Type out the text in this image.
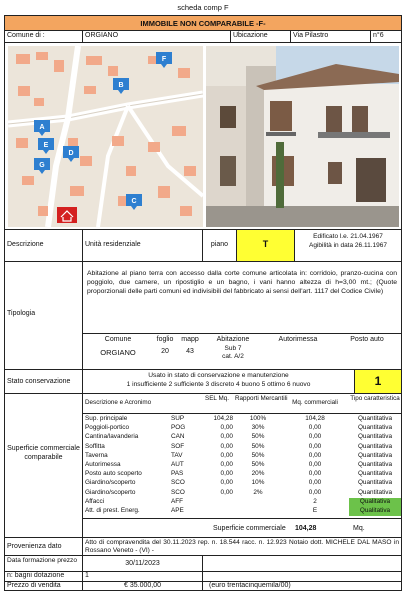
scheda comp F
IMMOBILE NON COMPARABILE -F-
Comune di :	ORGIANO	Ubicazione	Via Pilastro	n°6
F
B
A
D
E
G
C
Descrizione	Unità residenziale	piano	T
Edificato l.e. 21.04.1967
Agibilità in data 26.11.1967
Tipologia
Abitazione al piano terra con accesso dalla corte comune articolata in: corridoio, pranzo-cucina con poggiolo, due camere, un ripostiglio e un bagno, i vani hanno altezza di h=3,00 mt.; (Quote proporzionali delle parti comuni ed indivisibili del fabbricato ai sensi dell'art. 1117 del Codice Civile)
Comune	foglio	mapp	Abitazione	Autorimessa	Posto auto
ORGIANO	20	43	Sub 7
cat. A/2
Stato conservazione
Usato in stato di conservazione e manutenzione
1 insufficiente 2 sufficiente 3 discreto 4 buono 5 ottimo 6 nuovo	1
Superficie commerciale comparabile
Descrizione e Acronimo
SEL Mq. Rapporti Mercantili
Mq. commerciali
Tipo caratteristica
Sup. principale	SUP	104,28	100%	104,28	Quantitativa
Poggioli-portico	POG	0,00	30%	0,00	Quantitativa
Cantina/lavanderia	CAN	0,00	50%	0,00	Quantitativa
Soffitta	SOF	0,00	50%	0,00	Quantitativa
Taverna	TAV	0,00	50%	0,00	Quantitativa
Autorimessa	AUT	0,00	50%	0,00	Quantitativa
Posto auto scoperto	PAS	0,00	20%	0,00	Quantitativa
Giardino/scoperto	SCO	0,00	10%	0,00	Quantitativa
Giardino/scoperto	SCO	0,00	2%	0,00	Quantitativa
Affacci	AFF	2	Qualitativa
Att. di prest. Energ.	APE	E	Qualitativa
Superficie commerciale 104,28	Mq.
Provenienza dato
Atto di compravendita del 30.11.2023 rep. n. 18.544 racc. n. 12.923 Notaio dott. MICHELE DAL MASO in Rossano Veneto - (VI) -
Data formazione prezzo	30/11/2023
n: bagni dotazione	1
Prezzo di vendita	€ 35.000,00	(euro trentacinquemila/00)
